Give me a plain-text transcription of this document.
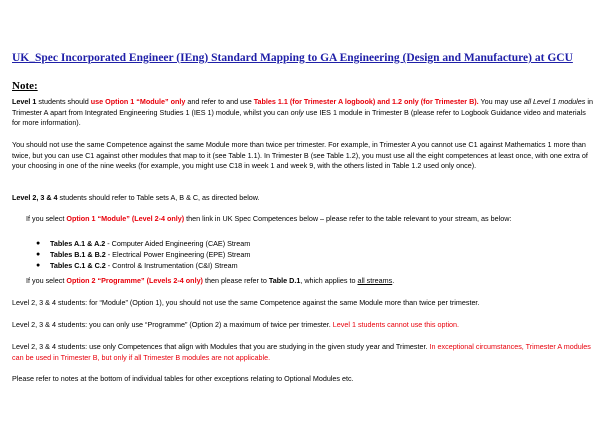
UK_Spec Incorporated Engineer (IEng) Standard Mapping to GA Engineering (Design and Manufacture) at GCU
Note:
Level 1 students should use Option 1 “Module” only and refer to and use Tables 1.1 (for Trimester A logbook) and 1.2 only (for Trimester B). You may use all Level 1 modules in Trimester A apart from Integrated Engineering Studies 1 (IES 1) module, whilst you can only use IES 1 module in Trimester B (please refer to Logbook Guidance video and materials for more information).
You should not use the same Competence against the same Module more than twice per trimester. For example, in Trimester A you cannot use C1 against Mathematics 1 more than twice, but you can use C1 against other modules that map to it (see Table 1.1). In Trimester B (see Table 1.2), you must use all the eight competences at least once, with one extra of your choosing in one of the nine weeks (for example, you might use C18 in week 1 and week 9, with the others listed in Table 1.2 used only once).
Level 2, 3 & 4 students should refer to Table sets A, B & C, as directed below.
If you select Option 1 “Module” (Level 2-4 only) then link in UK Spec Competences below – please refer to the table relevant to your stream, as below:
● Tables A.1 & A.2 - Computer Aided Engineering (CAE) Stream
● Tables B.1 & B.2 - Electrical Power Engineering (EPE) Stream
● Tables C.1 & C.2 - Control & Instrumentation (C&I) Stream
If you select Option 2 “Programme” (Levels 2-4 only) then please refer to Table D.1, which applies to all streams.
Level 2, 3 & 4 students: for “Module” (Option 1), you should not use the same Competence against the same Module more than twice per trimester.
Level 2, 3 & 4 students: you can only use “Programme” (Option 2) a maximum of twice per trimester. Level 1 students cannot use this option.
Level 2, 3 & 4 students: use only Competences that align with Modules that you are studying in the given study year and Trimester. In exceptional circumstances, Trimester A modules can be used in Trimester B, but only if all Trimester B modules are not applicable.
Please refer to notes at the bottom of individual tables for other exceptions relating to Optional Modules etc.
